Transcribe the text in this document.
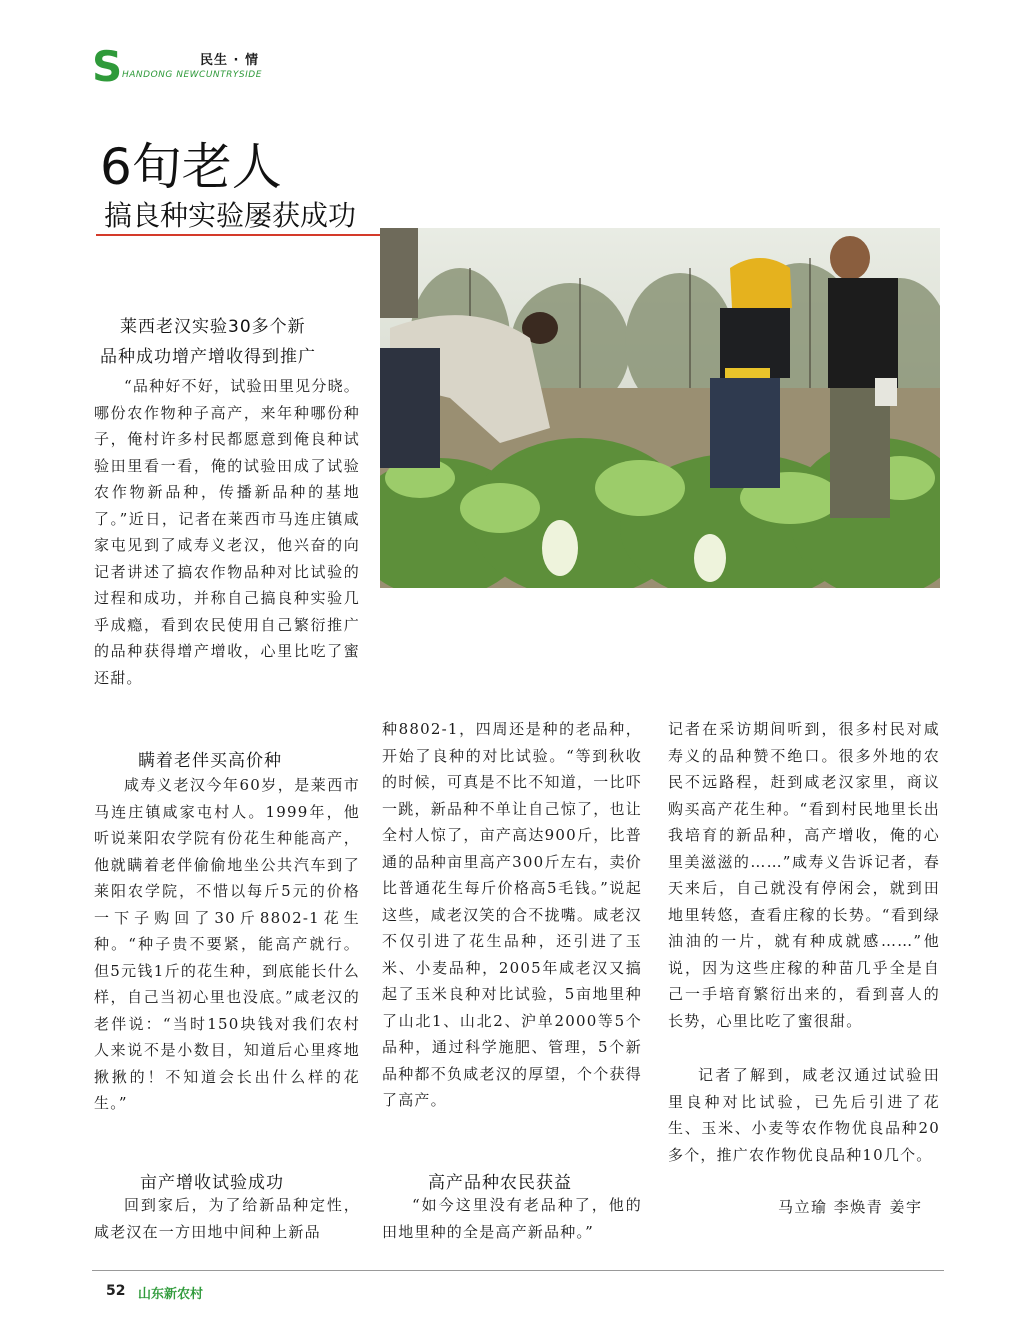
S	民生 · 情
HANDONG NEWCUNTRYSIDE
6旬老人
搞良种实验屡获成功
莱西老汉实验30多个新
品种成功增产增收得到推广

“品种好不好，试验田里见分晓。哪份农作物种子高产，来年种哪份种子，俺村许多村民都愿意到俺良种试验田里看一看，俺的试验田成了试验农作物新品种，传播新品种的基地了。”近日，记者在莱西市马连庄镇咸家屯见到了咸寿义老汉，他兴奋的向记者讲述了搞农作物品种对比试验的过程和成功，并称自己搞良种实验几乎成瘾，看到农民使用自己繁衍推广的品种获得增产增收，心里比吃了蜜还甜。

瞒着老伴买高价种

咸寿义老汉今年60岁，是莱西市马连庄镇咸家屯村人。1999年，他听说莱阳农学院有份花生种能高产，他就瞒着老伴偷偷地坐公共汽车到了莱阳农学院，不惜以每斤5元的价格一下子购回了30斤8802-1花生种。“种子贵不要紧，能高产就行。但5元钱1斤的花生种，到底能长什么样，自己当初心里也没底。”咸老汉的老伴说：“当时150块钱对我们农村人来说不是小数目，知道后心里疼地揪揪的！不知道会长出什么样的花生。”

亩产增收试验成功

回到家后，为了给新品种定性，咸老汉在一方田地中间种上新品

种8802-1，四周还是种的老品种，开始了良种的对比试验。“等到秋收的时候，可真是不比不知道，一比吓一跳，新品种不单让自己惊了，也让全村人惊了，亩产高达900斤，比普通的品种亩里高产300斤左右，卖价比普通花生每斤价格高5毛钱。”说起这些，咸老汉笑的合不拢嘴。咸老汉不仅引进了花生品种，还引进了玉米、小麦品种，2005年咸老汉又搞起了玉米良种对比试验，5亩地里种了山北1、山北2、沪单2000等5个品种，通过科学施肥、管理，5个新品种都不负咸老汉的厚望，个个获得了高产。

高产品种农民获益

“如今这里没有老品种了，他的田地里种的全是高产新品种。”

记者在采访期间听到，很多村民对咸寿义的品种赞不绝口。很多外地的农民不远路程，赶到咸老汉家里，商议购买高产花生种。“看到村民地里长出我培育的新品种，高产增收，俺的心里美滋滋的……”咸寿义告诉记者，春天来后，自己就没有停闲会，就到田地里转悠，查看庄稼的长势。“看到绿油油的一片，就有种成就感……”他说，因为这些庄稼的种苗几乎全是自己一手培育繁衍出来的，看到喜人的长势，心里比吃了蜜很甜。

记者了解到，咸老汉通过试验田里良种对比试验，已先后引进了花生、玉米、小麦等农作物优良品种20多个，推广农作物优良品种10几个。

马立瑜 李焕青 姜宇

52 山东新农村
